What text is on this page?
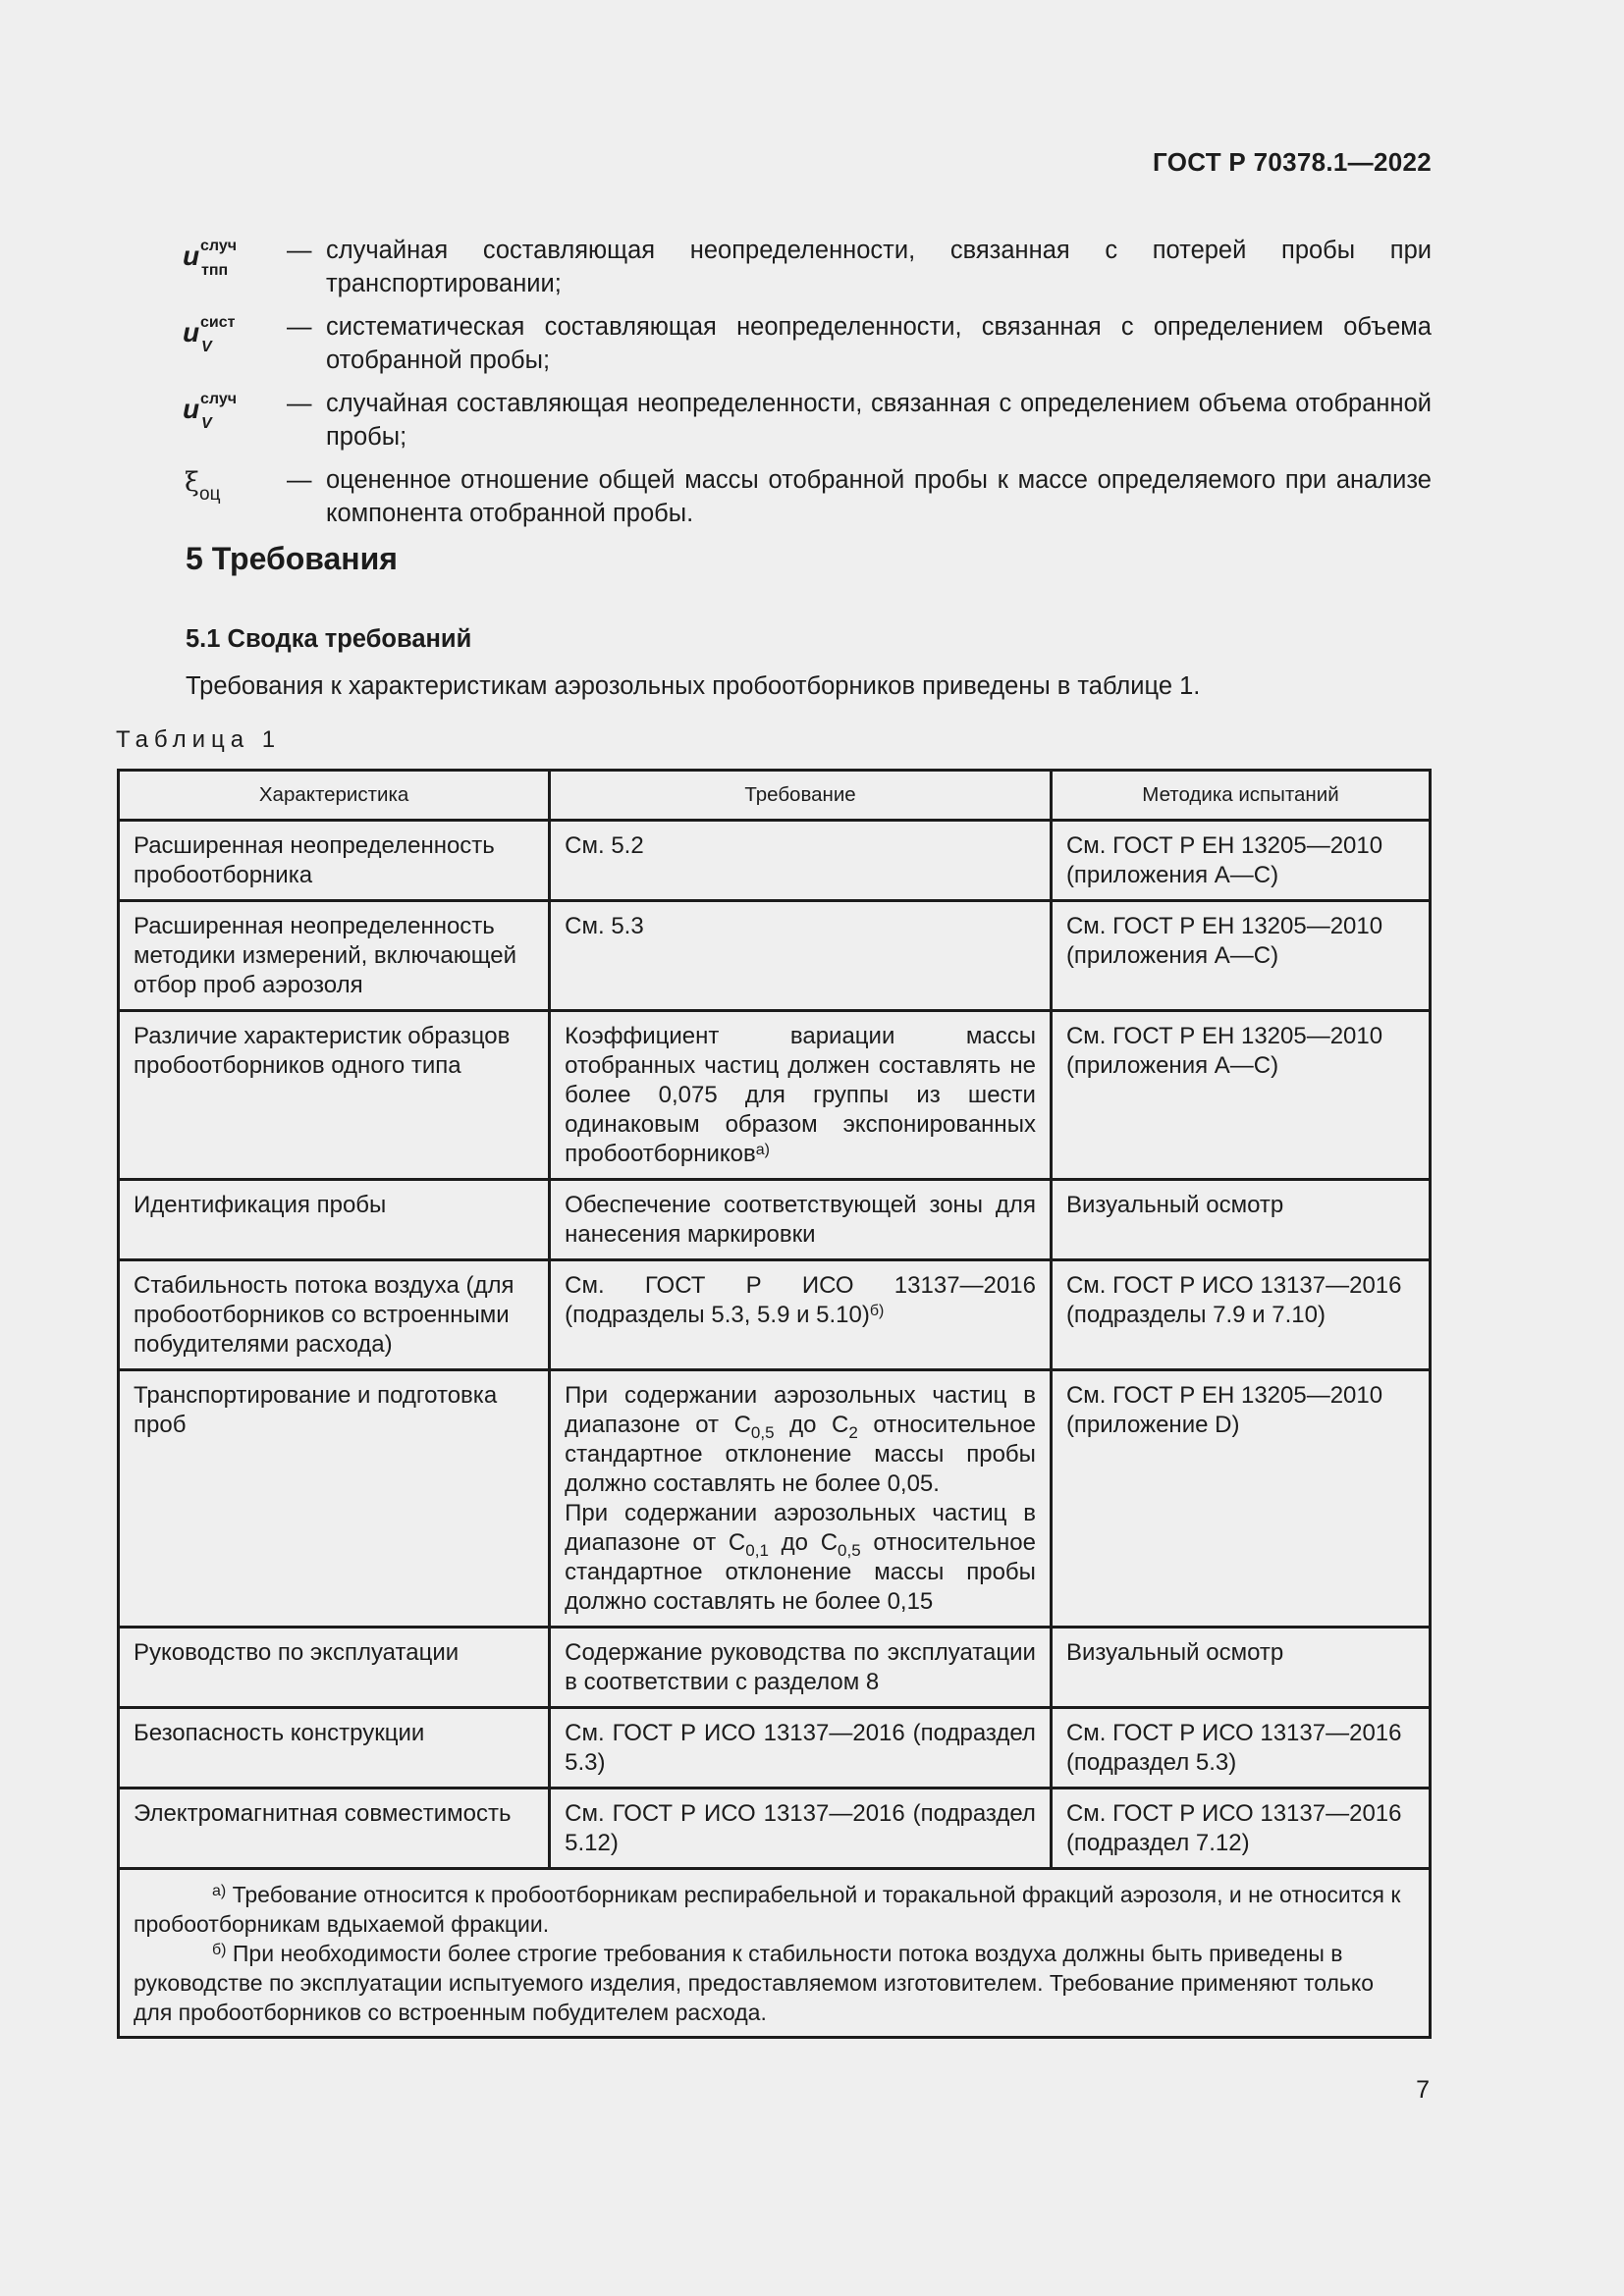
ГОСТ Р 70378.1—2022
u случ
тпп
— случайная составляющая неопределенности, связанная с потерей пробы при транспортировании;
u сист
V
— систематическая составляющая неопределенности, связанная с определением объема отобранной пробы;
u случ
V
— случайная составляющая неопределенности, связанная с определением объема отобранной пробы;
ξ оц
— оцененное отношение общей массы отобранной пробы к массе определяемого при анализе компонента отобранной пробы.
5 Требования
5.1 Сводка требований
Требования к характеристикам аэрозольных пробоотборников приведены в таблице 1.
Таблица 1
Характеристика	Требование	Методика испытаний
Расширенная неопределенность пробоотборника	См. 5.2	См. ГОСТ Р ЕН 13205—2010 (приложения А—С)
Расширенная неопределенность методики измерений, включающей отбор проб аэрозоля	См. 5.3	См. ГОСТ Р ЕН 13205—2010 (приложения А—С)
Различие характеристик образцов пробоотборников одного типа	Коэффициент вариации массы отобранных частиц должен составлять не более 0,075 для группы из шести одинаковым образом экспонированных пробоотборников$^{а)}$	См. ГОСТ Р ЕН 13205—2010 (приложения А—С)
Идентификация пробы	Обеспечение соответствующей зоны для нанесения маркировки	Визуальный осмотр
Стабильность потока воздуха (для пробоотборников со встроенными побудителями расхода)	См. ГОСТ Р ИСО 13137—2016 (подразделы 5.3, 5.9 и 5.10)$^{б)}$	См. ГОСТ Р ИСО 13137—2016 (подразделы 7.9 и 7.10)
Транспортирование и подготовка проб	При содержании аэрозольных частиц в диапазоне от $C_{0,5}$ до $C_2$ относительное стандартное отклонение массы пробы должно составлять не более 0,05.
При содержании аэрозольных частиц в диапазоне от $C_{0,1}$ до $C_{0,5}$ относительное стандартное отклонение массы пробы должно составлять не более 0,15	См. ГОСТ Р ЕН 13205—2010 (приложение D)
Руководство по эксплуатации	Содержание руководства по эксплуатации в соответствии с разделом 8	Визуальный осмотр
Безопасность конструкции	См. ГОСТ Р ИСО 13137—2016 (подраздел 5.3)	См. ГОСТ Р ИСО 13137—2016 (подраздел 5.3)
Электромагнитная совместимость	См. ГОСТ Р ИСО 13137—2016 (подраздел 5.12)	См. ГОСТ Р ИСО 13137—2016 (подраздел 7.12)

$^{а)}$ Требование относится к пробоотборникам респирабельной и торакальной фракций аэрозоля, и не относится к пробоотборникам вдыхаемой фракции.
$^{б)}$ При необходимости более строгие требования к стабильности потока воздуха должны быть приведены в руководстве по эксплуатации испытуемого изделия, предоставляемом изготовителем. Требование применяют только для пробоотборников со встроенным побудителем расхода.		
7
